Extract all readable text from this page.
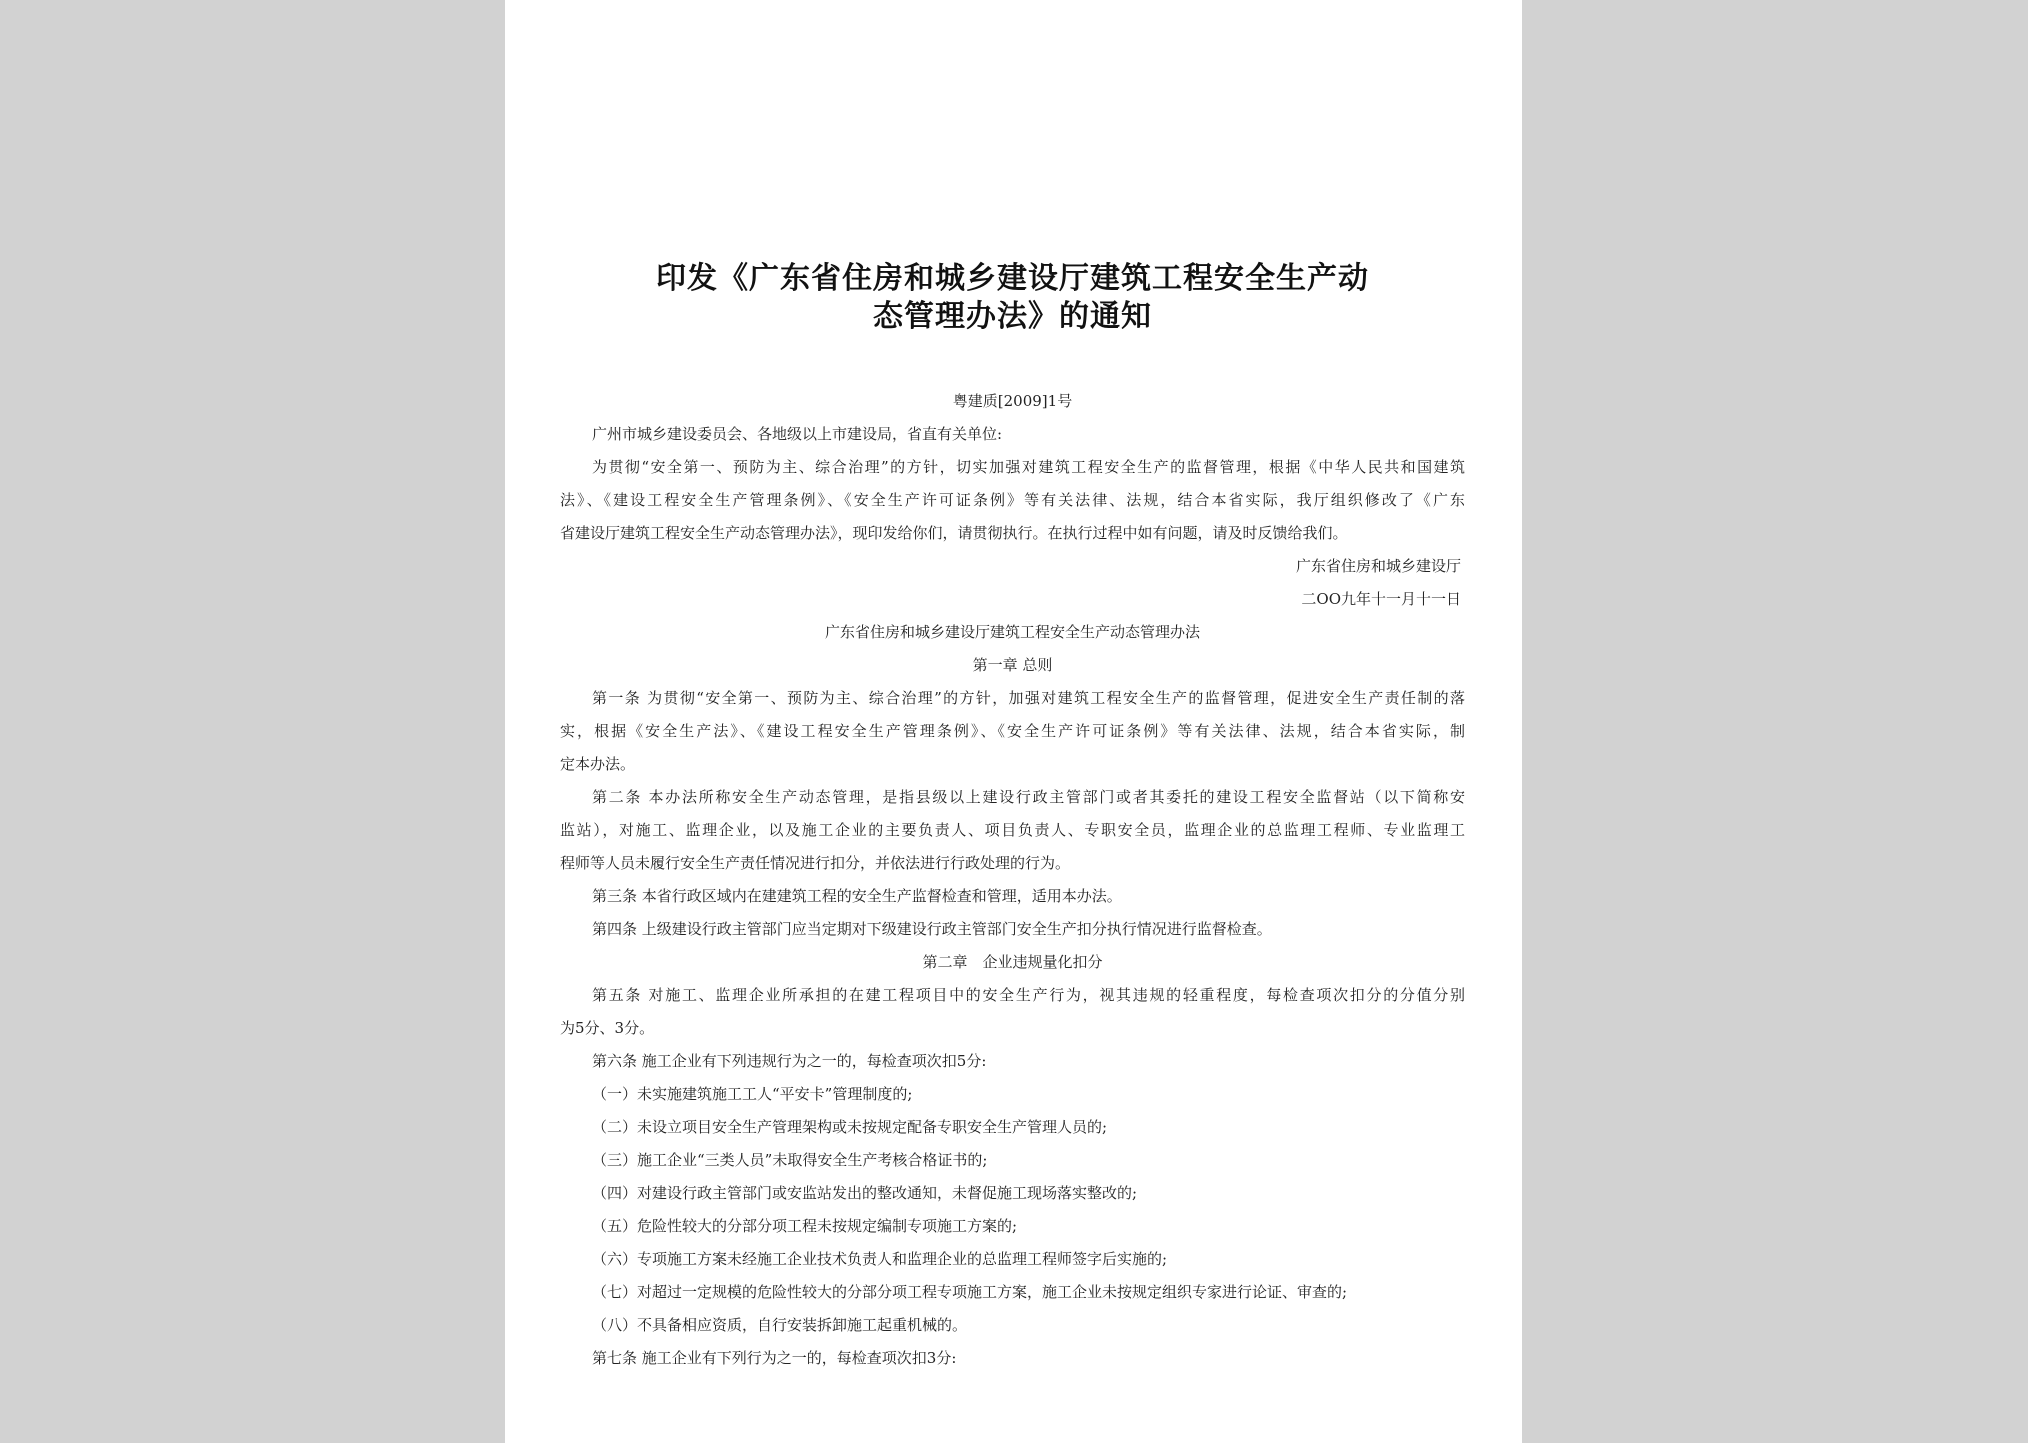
印发《广东省住房和城乡建设厅建筑工程安全生产动
态管理办法》的通知
粤建质[2009]1号
广州市城乡建设委员会、各地级以上市建设局，省直有关单位:
为贯彻“安全第一、预防为主、综合治理”的方针，切实加强对建筑工程安全生产的监督管理，根据《中华人民共和国建筑
法》、《建设工程安全生产管理条例》、《安全生产许可证条例》等有关法律、法规，结合本省实际，我厅组织修改了《广东
省建设厅建筑工程安全生产动态管理办法》，现印发给你们，请贯彻执行。在执行过程中如有问题，请及时反馈给我们。
广东省住房和城乡建设厅
二OO九年十一月十一日
广东省住房和城乡建设厅建筑工程安全生产动态管理办法
第一章 总则
第一条 为贯彻“安全第一、预防为主、综合治理”的方针，加强对建筑工程安全生产的监督管理，促进安全生产责任制的落
实，根据《安全生产法》、《建设工程安全生产管理条例》、《安全生产许可证条例》等有关法律、法规，结合本省实际，制
定本办法。
第二条 本办法所称安全生产动态管理，是指县级以上建设行政主管部门或者其委托的建设工程安全监督站（以下简称安
监站），对施工、监理企业，以及施工企业的主要负责人、项目负责人、专职安全员，监理企业的总监理工程师、专业监理工
程师等人员未履行安全生产责任情况进行扣分，并依法进行行政处理的行为。
第三条 本省行政区域内在建建筑工程的安全生产监督检查和管理，适用本办法。
第四条 上级建设行政主管部门应当定期对下级建设行政主管部门安全生产扣分执行情况进行监督检查。
第二章　企业违规量化扣分
第五条 对施工、监理企业所承担的在建工程项目中的安全生产行为，视其违规的轻重程度，每检查项次扣分的分值分别
为5分、3分。
第六条 施工企业有下列违规行为之一的，每检查项次扣5分:
（一）未实施建筑施工工人“平安卡”管理制度的;
（二）未设立项目安全生产管理架构或未按规定配备专职安全生产管理人员的;
（三）施工企业“三类人员”未取得安全生产考核合格证书的;
（四）对建设行政主管部门或安监站发出的整改通知，未督促施工现场落实整改的;
（五）危险性较大的分部分项工程未按规定编制专项施工方案的;
（六）专项施工方案未经施工企业技术负责人和监理企业的总监理工程师签字后实施的;
（七）对超过一定规模的危险性较大的分部分项工程专项施工方案，施工企业未按规定组织专家进行论证、审查的;
（八）不具备相应资质，自行安装拆卸施工起重机械的。
第七条 施工企业有下列行为之一的，每检查项次扣3分:
